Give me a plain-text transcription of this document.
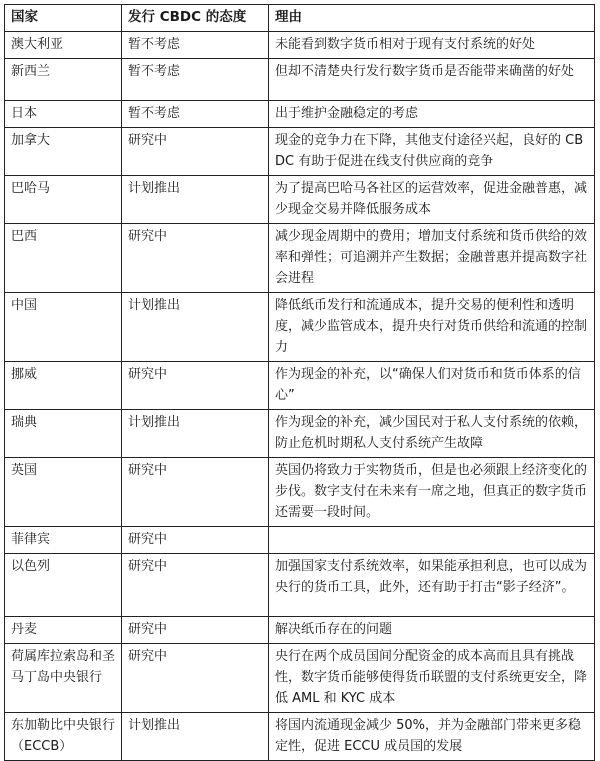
国家	发行 CBDC 的态度	理由
澳大利亚	暂不考虑	未能看到数字货币相对于现有支付系统的好处
新西兰	暂不考虑	但却不清楚央行发行数字货币是否能带来确凿的好处
日本	暂不考虑	出于维护金融稳定的考虑
加拿大	研究中	现金的竞争力在下降，其他支付途径兴起，良好的 CBDC 有助于促进在线支付供应商的竞争
巴哈马	计划推出	为了提高巴哈马各社区的运营效率，促进金融普惠，减少现金交易并降低服务成本
巴西	研究中	减少现金周期中的费用；增加支付系统和货币供给的效率和弹性；可追溯并产生数据；金融普惠并提高数字社会进程
中国	计划推出	降低纸币发行和流通成本，提升交易的便利性和透明度，减少监管成本，提升央行对货币供给和流通的控制力
挪威	研究中	作为现金的补充，以“确保人们对货币和货币体系的信心”
瑞典	计划推出	作为现金的补充，减少国民对于私人支付系统的依赖，防止危机时期私人支付系统产生故障
英国	研究中	英国仍将致力于实物货币，但是也必须跟上经济变化的步伐。数字支付在未来有一席之地，但真正的数字货币还需要一段时间。
菲律宾	研究中	
以色列	研究中	加强国家支付系统效率，如果能承担利息，也可以成为央行的货币工具，此外，还有助于打击“影子经济”。
丹麦	研究中	解决纸币存在的问题
荷属库拉索岛和圣马丁岛中央银行	研究中	央行在两个成员国间分配资金的成本高而且具有挑战性，数字货币能够使得货币联盟的支付系统更安全，降低 AML 和 KYC 成本
东加勒比中央银行（ECCB）	计划推出	将国内流通现金减少 50%，并为金融部门带来更多稳定性，促进 ECCU 成员国的发展
